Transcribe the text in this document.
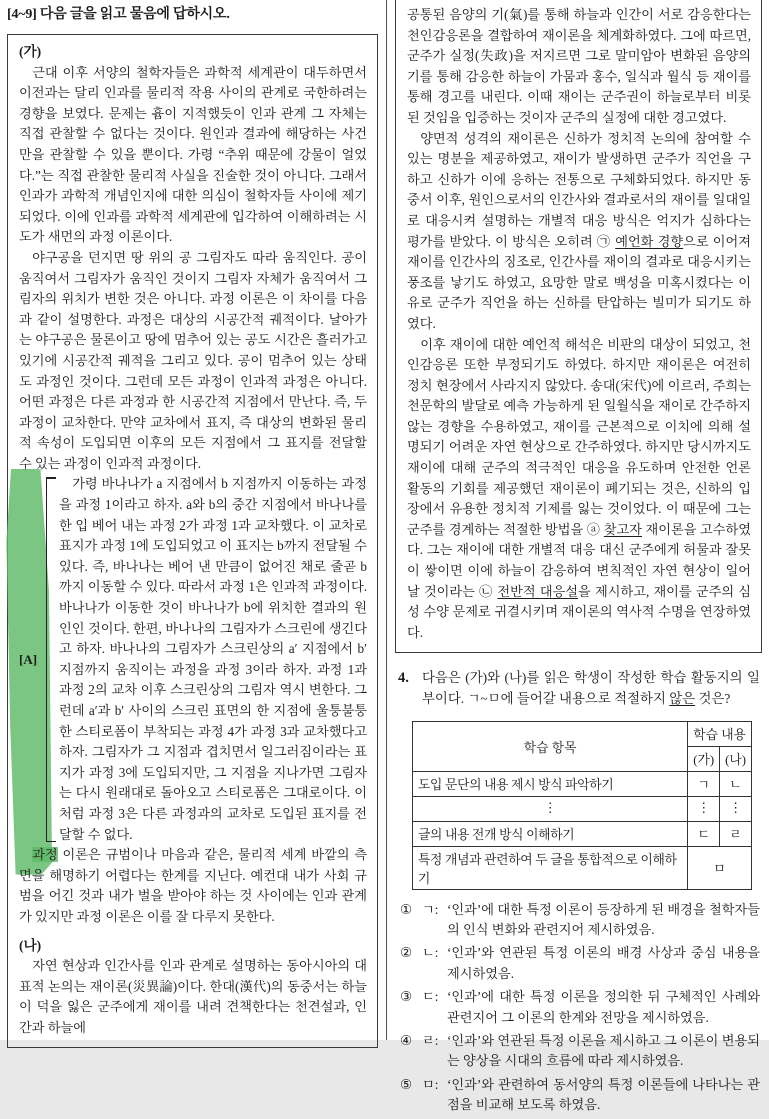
[4~9] 다음 글을 읽고 물음에 답하시오.
(가)

근대 이후 서양의 철학자들은 과학적 세계관이 대두하면서 이전과는 달리 인과를 물리적 작용 사이의 관계로 국한하려는 경향을 보였다. 문제는 흄이 지적했듯이 인과 관계 그 자체는 직접 관찰할 수 없다는 것이다. 원인과 결과에 해당하는 사건만을 관찰할 수 있을 뿐이다. 가령 “추위 때문에 강물이 얼었다.”는 직접 관찰한 물리적 사실을 진술한 것이 아니다. 그래서 인과가 과학적 개념인지에 대한 의심이 철학자들 사이에 제기되었다. 이에 인과를 과학적 세계관에 입각하여 이해하려는 시도가 새먼의 과정 이론이다.

야구공을 던지면 땅 위의 공 그림자도 따라 움직인다. 공이 움직여서 그림자가 움직인 것이지 그림자 자체가 움직여서 그림자의 위치가 변한 것은 아니다. 과정 이론은 이 차이를 다음과 같이 설명한다. 과정은 대상의 시공간적 궤적이다. 날아가는 야구공은 물론이고 땅에 멈추어 있는 공도 시간은 흘러가고 있기에 시공간적 궤적을 그리고 있다. 공이 멈추어 있는 상태도 과정인 것이다. 그런데 모든 과정이 인과적 과정은 아니다. 어떤 과정은 다른 과정과 한 시공간적 지점에서 만난다. 즉, 두 과정이 교차한다. 만약 교차에서 표지, 즉 대상의 변화된 물리적 속성이 도입되면 이후의 모든 지점에서 그 표지를 전달할 수 있는 과정이 인과적 과정이다.

[A]
가령 바나나가 a 지점에서 b 지점까지 이동하는 과정을 과정 1이라고 하자. a와 b의 중간 지점에서 바나나를 한 입 베어 내는 과정 2가 과정 1과 교차했다. 이 교차로 표지가 과정 1에 도입되었고 이 표지는 b까지 전달될 수 있다. 즉, 바나나는 베어 낸 만큼이 없어진 채로 줄곧 b까지 이동할 수 있다. 따라서 과정 1은 인과적 과정이다. 바나나가 이동한 것이 바나나가 b에 위치한 결과의 원인인 것이다. 한편, 바나나의 그림자가 스크린에 생긴다고 하자. 바나나의 그림자가 스크린상의 a′ 지점에서 b′ 지점까지 움직이는 과정을 과정 3이라 하자. 과정 1과 과정 2의 교차 이후 스크린상의 그림자 역시 변한다. 그런데 a′과 b′ 사이의 스크린 표면의 한 지점에 울퉁불퉁한 스티로폼이 부착되는 과정 4가 과정 3과 교차했다고 하자. 그림자가 그 지점과 겹치면서 일그러짐이라는 표지가 과정 3에 도입되지만, 그 지점을 지나가면 그림자는 다시 원래대로 돌아오고 스티로폼은 그대로이다. 이처럼 과정 3은 다른 과정과의 교차로 도입된 표지를 전달할 수 없다.

과정 이론은 규범이나 마음과 같은, 물리적 세계 바깥의 측면을 해명하기 어렵다는 한계를 지닌다. 예컨대 내가 사회 규범을 어긴 것과 내가 벌을 받아야 하는 것 사이에는 인과 관계가 있지만 과정 이론은 이를 잘 다루지 못한다.

(나)

자연 현상과 인간사를 인과 관계로 설명하는 동아시아의 대표적 논의는 재이론(災異論)이다. 한대(漢代)의 동중서는 하늘이 덕을 잃은 군주에게 재이를 내려 견책한다는 천견설과, 인간과 하늘에

공통된 음양의 기(氣)를 통해 하늘과 인간이 서로 감응한다는 천인감응론을 결합하여 재이론을 체계화하였다. 그에 따르면, 군주가 실정(失政)을 저지르면 그로 말미암아 변화된 음양의 기를 통해 감응한 하늘이 가뭄과 홍수, 일식과 월식 등 재이를 통해 경고를 내린다. 이때 재이는 군주권이 하늘로부터 비롯된 것임을 입증하는 것이자 군주의 실정에 대한 경고였다.

양면적 성격의 재이론은 신하가 정치적 논의에 참여할 수 있는 명분을 제공하였고, 재이가 발생하면 군주가 직언을 구하고 신하가 이에 응하는 전통으로 구체화되었다. 하지만 동중서 이후, 원인으로서의 인간사와 결과로서의 재이를 일대일로 대응시켜 설명하는 개별적 대응 방식은 억지가 심하다는 평가를 받았다. 이 방식은 오히려 ㉠ 예언화 경향으로 이어져 재이를 인간사의 징조로, 인간사를 재이의 결과로 대응시키는 풍조를 낳기도 하였고, 요망한 말로 백성을 미혹시켰다는 이유로 군주가 직언을 하는 신하를 탄압하는 빌미가 되기도 하였다.

이후 재이에 대한 예언적 해석은 비판의 대상이 되었고, 천인감응론 또한 부정되기도 하였다. 하지만 재이론은 여전히 정치 현장에서 사라지지 않았다. 송대(宋代)에 이르러, 주희는 천문학의 발달로 예측 가능하게 된 일월식을 재이로 간주하지 않는 경향을 수용하였고, 재이를 근본적으로 이치에 의해 설명되기 어려운 자연 현상으로 간주하였다. 하지만 당시까지도 재이에 대해 군주의 적극적인 대응을 유도하며 안전한 언론 활동의 기회를 제공했던 재이론이 폐기되는 것은, 신하의 입장에서 유용한 정치적 기제를 잃는 것이었다. 이 때문에 그는 군주를 경계하는 적절한 방법을 ⓐ 찾고자 재이론을 고수하였다. 그는 재이에 대한 개별적 대응 대신 군주에게 허물과 잘못이 쌓이면 이에 하늘이 감응하여 변칙적인 자연 현상이 일어날 것이라는 ㉡ 전반적 대응설을 제시하고, 재이를 군주의 심성 수양 문제로 귀결시키며 재이론의 역사적 수명을 연장하였다.

4. 다음은 (가)와 (나)를 읽은 학생이 작성한 학습 활동지의 일부이다. ㄱ~ㅁ에 들어갈 내용으로 적절하지 않은 것은?
학습 항목	학습 내용	
	(가)	(나)
도입 문단의 내용 제시 방식 파악하기	ㄱ	ㄴ
⋮	⋮	⋮
글의 내용 전개 방식 이해하기	ㄷ	ㄹ
특정 개념과 관련하여 두 글을 통합적으로 이해하기	ㅁ	
① ㄱ: ‘인과’에 대한 특정 이론이 등장하게 된 배경을 철학자들의 인식 변화와 관련지어 제시하였음.
② ㄴ: ‘인과’와 연관된 특정 이론의 배경 사상과 중심 내용을 제시하였음.
③ ㄷ: ‘인과’에 대한 특정 이론을 정의한 뒤 구체적인 사례와 관련지어 그 이론의 한계와 전망을 제시하였음.
④ ㄹ: ‘인과’와 연관된 특정 이론을 제시하고 그 이론이 변용되는 양상을 시대의 흐름에 따라 제시하였음.
⑤ ㅁ: ‘인과’와 관련하여 동서양의 특정 이론들에 나타나는 관점을 비교해 보도록 하였음.
